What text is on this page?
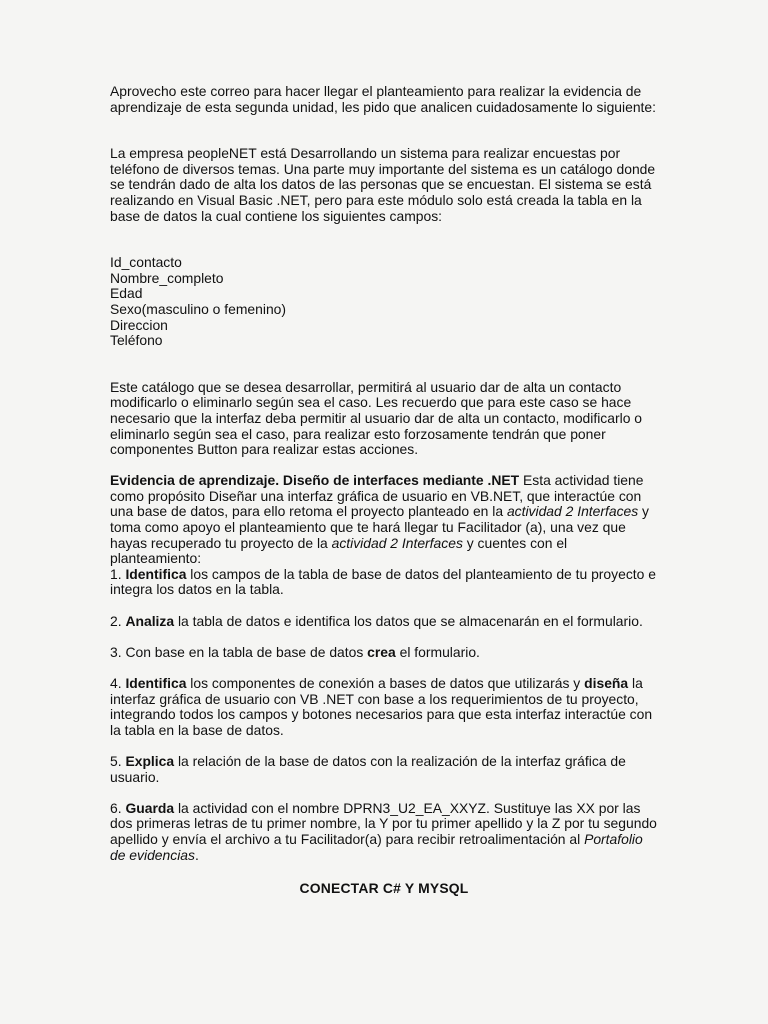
Aprovecho este correo para hacer llegar el planteamiento para realizar la evidencia de aprendizaje de esta segunda unidad, les pido que analicen cuidadosamente lo siguiente:

La empresa peopleNET está Desarrollando un sistema para realizar encuestas por teléfono de diversos temas. Una parte muy importante del sistema es un catálogo donde se tendrán dado de alta los datos de las personas que se encuestan. El sistema se está realizando en Visual Basic .NET, pero para este módulo solo está creada la tabla en la base de datos la cual contiene los siguientes campos:

Id_contacto
Nombre_completo
Edad
Sexo(masculino o femenino)
Direccion
Teléfono

Este catálogo que se desea desarrollar, permitirá al usuario dar de alta un contacto modificarlo o eliminarlo según sea el caso. Les recuerdo que para este caso se hace necesario que la interfaz deba permitir al usuario dar de alta un contacto, modificarlo o eliminarlo según sea el caso, para realizar esto forzosamente tendrán que poner componentes Button para realizar estas acciones.

Evidencia de aprendizaje. Diseño de interfaces mediante .NET Esta actividad tiene como propósito Diseñar una interfaz gráfica de usuario en VB.NET, que interactúe con una base de datos, para ello retoma el proyecto planteado en la actividad 2 Interfaces y toma como apoyo el planteamiento que te hará llegar tu Facilitador (a), una vez que hayas recuperado tu proyecto de la actividad 2 Interfaces y cuentes con el planteamiento:

1. Identifica los campos de la tabla de base de datos del planteamiento de tu proyecto e integra los datos en la tabla.

2. Analiza la tabla de datos e identifica los datos que se almacenarán en el formulario.

3. Con base en la tabla de base de datos crea el formulario.

4. Identifica los componentes de conexión a bases de datos que utilizarás y diseña la interfaz gráfica de usuario con VB .NET con base a los requerimientos de tu proyecto, integrando todos los campos y botones necesarios para que esta interfaz interactúe con la tabla en la base de datos.

5. Explica la relación de la base de datos con la realización de la interfaz gráfica de usuario.

6. Guarda la actividad con el nombre DPRN3_U2_EA_XXYZ. Sustituye las XX por las dos primeras letras de tu primer nombre, la Y por tu primer apellido y la Z por tu segundo apellido y envía el archivo a tu Facilitador(a) para recibir retroalimentación al Portafolio de evidencias.

CONECTAR C# Y MYSQL
